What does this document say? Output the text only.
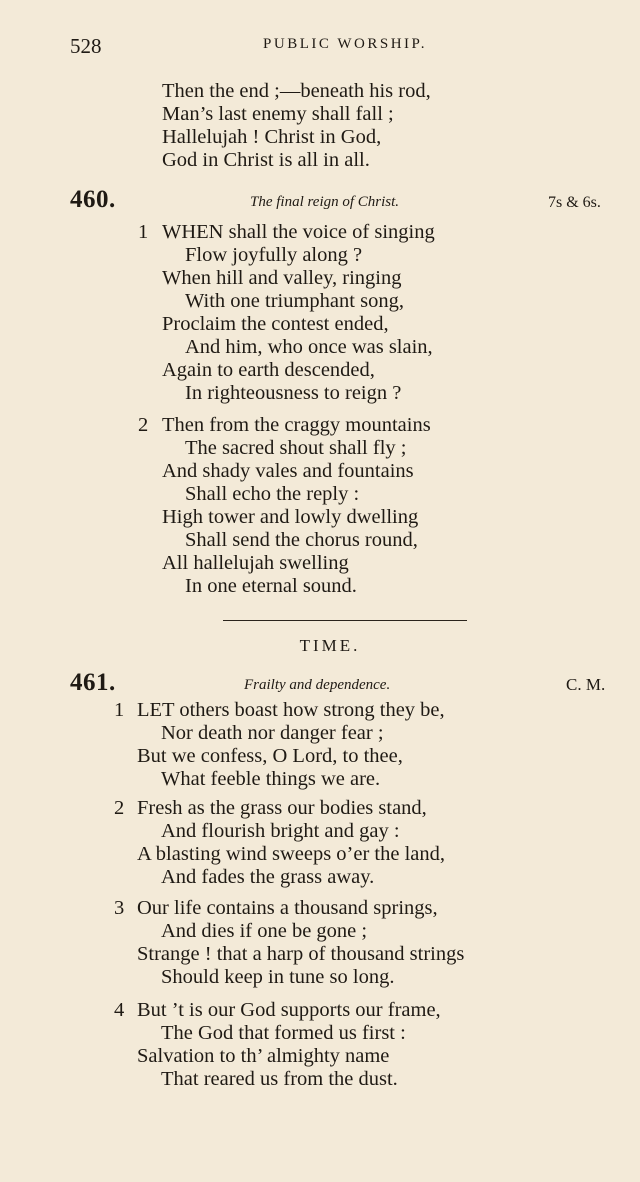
528	PUBLIC WORSHIP.
Then the end ;—beneath his rod,
Man’s last enemy shall fall ;
Hallelujah ! Christ in God,
God in Christ is all in all.
460.	The final reign of Christ.	7s & 6s.
1 WHEN shall the voice of singing
Flow joyfully along ?
When hill and valley, ringing
With one triumphant song,
Proclaim the contest ended,
And him, who once was slain,
Again to earth descended,
In righteousness to reign ?
2 Then from the craggy mountains
The sacred shout shall fly ;
And shady vales and fountains
Shall echo the reply :
High tower and lowly dwelling
Shall send the chorus round,
All hallelujah swelling
In one eternal sound.
TIME.
461.	Frailty and dependence.	C. M.
1 LET others boast how strong they be,
Nor death nor danger fear ;
But we confess, O Lord, to thee,
What feeble things we are.
2 Fresh as the grass our bodies stand,
And flourish bright and gay :
A blasting wind sweeps o’er the land,
And fades the grass away.
3 Our life contains a thousand springs,
And dies if one be gone ;
Strange ! that a harp of thousand strings
Should keep in tune so long.
4 But ’t is our God supports our frame,
The God that formed us first :
Salvation to th’ almighty name
That reared us from the dust.
